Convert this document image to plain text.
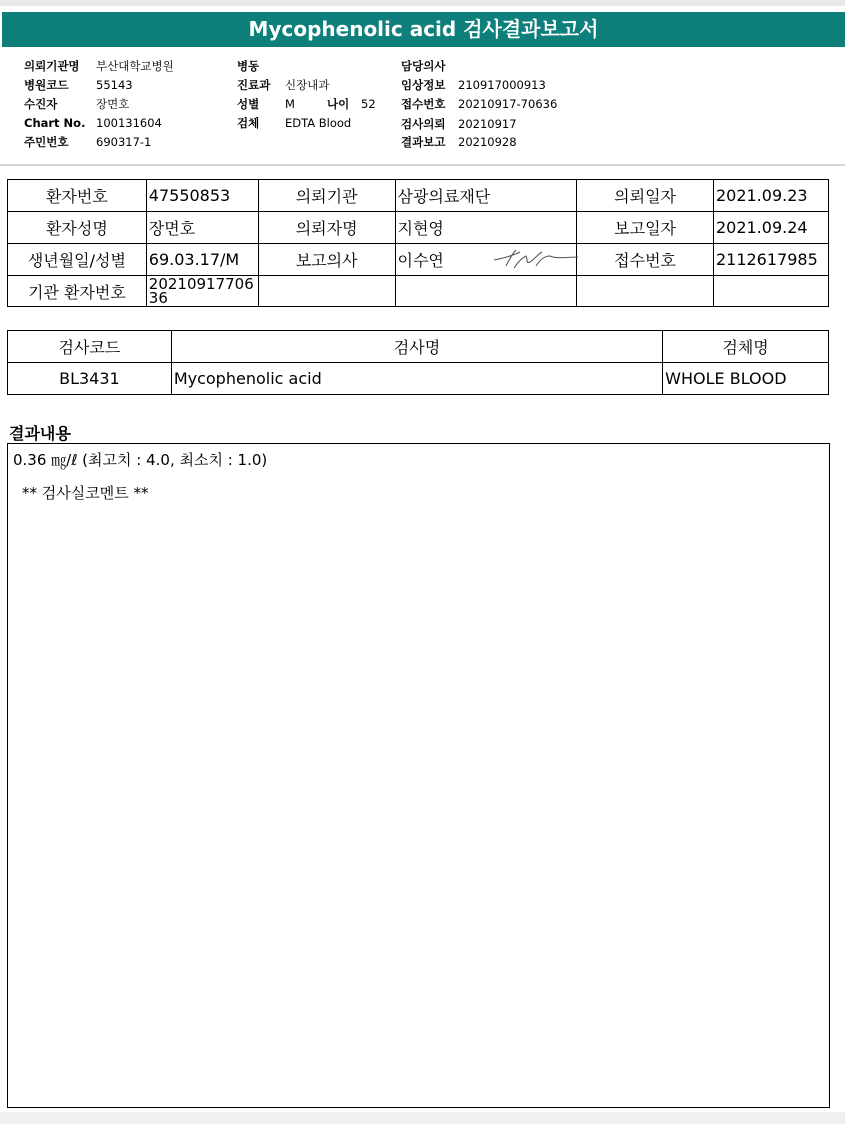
Mycophenolic acid 검사결과보고서
의뢰기관명 부산대학교병원
병원코드 55143
수진자	장면호
Chart No. 100131604
주민번호 690317-1
병동
진료과 신장내과
성별 M	나이 52
검체 EDTA Blood
담당의사
임상정보 210917000913
접수번호 20210917-70636
검사의뢰 20210917
결과보고 20210928
환자번호	47550853	의뢰기관	삼광의료재단	의뢰일자	2021.09.23
환자성명	장면호	의뢰자명	지현영	보고일자	2021.09.24
생년월일/성별	69.03.17/M	보고의사	이수연	접수번호	2112617985
기관 환자번호	2021091770636				
검사코드	검사명	검체명
BL3431	Mycophenolic acid	WHOLE BLOOD
결과내용
0.36 ㎎/ℓ (최고치 : 4.0, 최소치 : 1.0)
** 검사실코멘트 **
